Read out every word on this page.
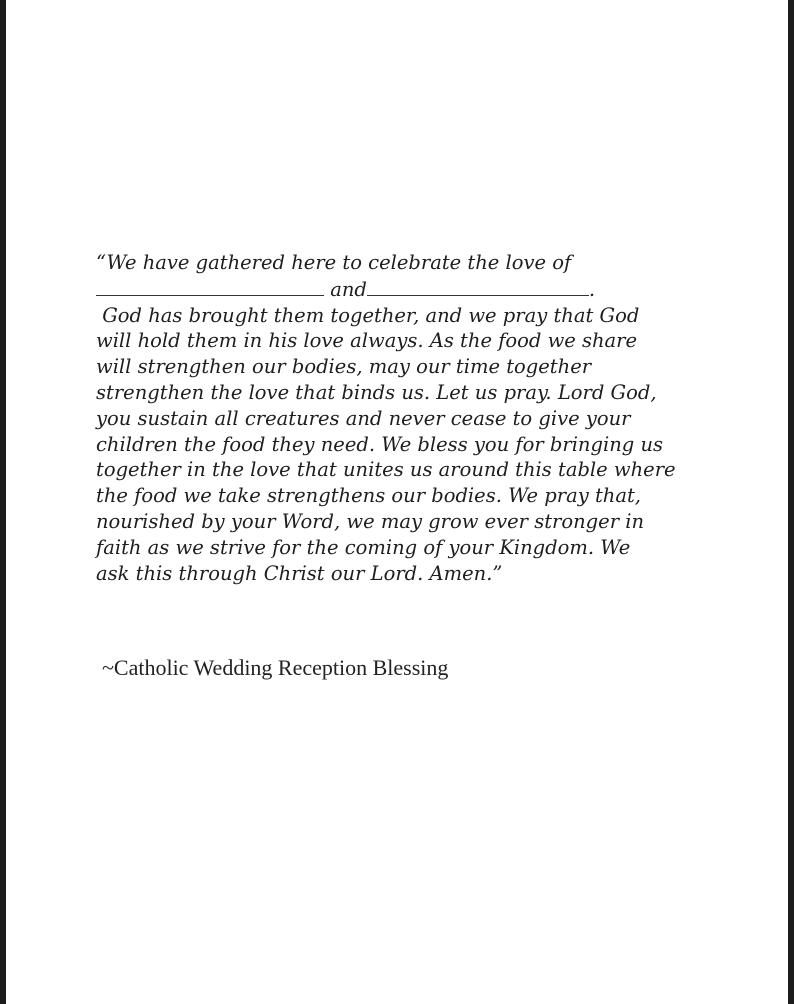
“We have gathered here to celebrate the love of
and	.
God has brought them together, and we pray that God
will hold them in his love always. As the food we share
will strengthen our bodies, may our time together
strengthen the love that binds us. Let us pray. Lord God,
you sustain all creatures and never cease to give your
children the food they need. We bless you for bringing us
together in the love that unites us around this table where
the food we take strengthens our bodies. We pray that,
nourished by your Word, we may grow ever stronger in
faith as we strive for the coming of your Kingdom. We
ask this through Christ our Lord. Amen.”
~Catholic Wedding Reception Blessing
